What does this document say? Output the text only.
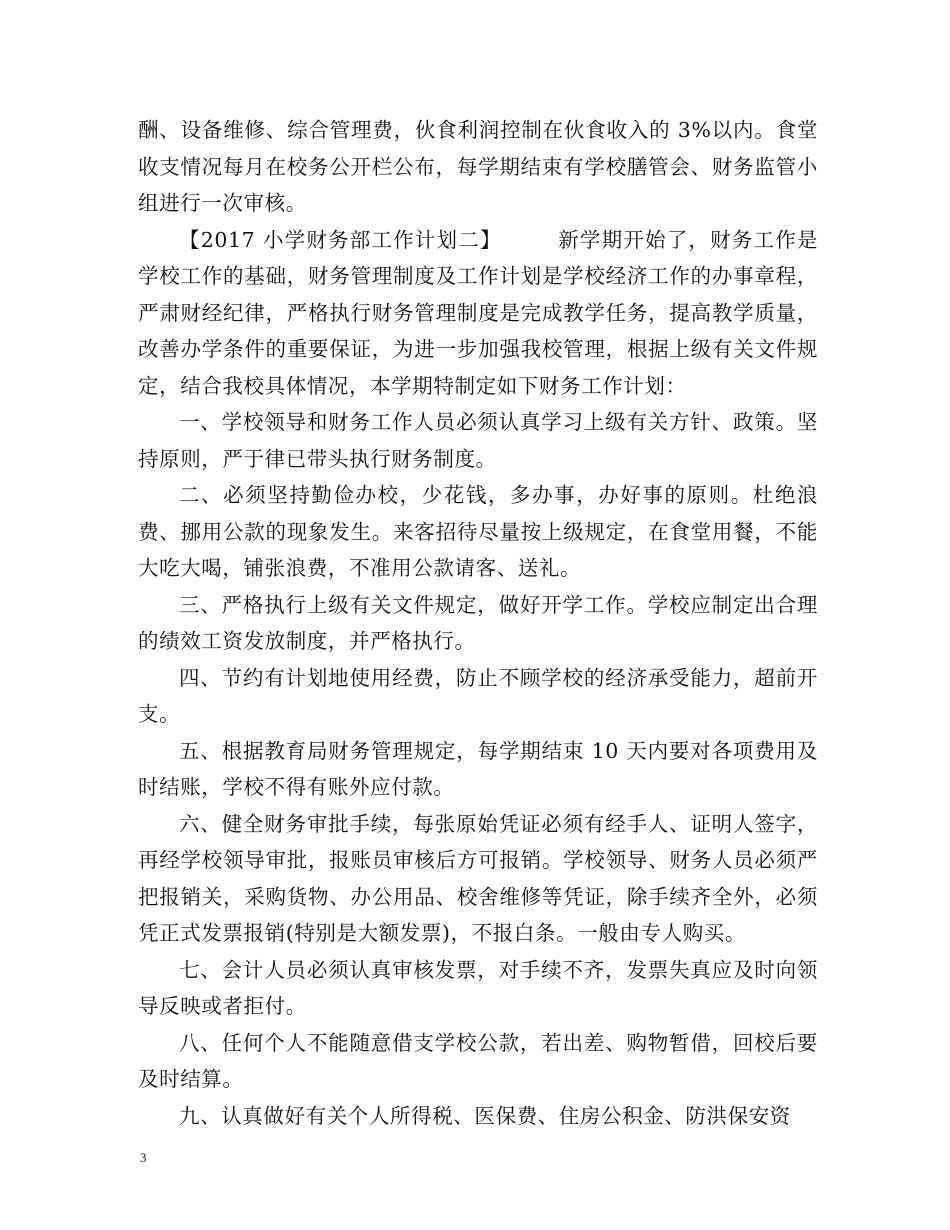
酬、设备维修、综合管理费，伙食利润控制在伙食收入的 3%以内。食堂收支情况每月在校务公开栏公布，每学期结束有学校膳管会、财务监管小组进行一次审核。

【2017 小学财务部工作计划二】	新学期开始了，财务工作是学校工作的基础，财务管理制度及工作计划是学校经济工作的办事章程，严肃财经纪律，严格执行财务管理制度是完成教学任务，提高教学质量，改善办学条件的重要保证，为进一步加强我校管理，根据上级有关文件规定，结合我校具体情况，本学期特制定如下财务工作计划：

一、学校领导和财务工作人员必须认真学习上级有关方针、政策。坚持原则，严于律已带头执行财务制度。

二、必须坚持勤俭办校，少花钱，多办事，办好事的原则。杜绝浪费、挪用公款的现象发生。来客招待尽量按上级规定，在食堂用餐，不能大吃大喝，铺张浪费，不准用公款请客、送礼。

三、严格执行上级有关文件规定，做好开学工作。学校应制定出合理的绩效工资发放制度，并严格执行。

四、节约有计划地使用经费，防止不顾学校的经济承受能力，超前开支。

五、根据教育局财务管理规定，每学期结束 10 天内要对各项费用及时结账，学校不得有账外应付款。

六、健全财务审批手续，每张原始凭证必须有经手人、证明人签字，再经学校领导审批，报账员审核后方可报销。学校领导、财务人员必须严把报销关，采购货物、办公用品、校舍维修等凭证，除手续齐全外，必须凭正式发票报销(特别是大额发票)，不报白条。一般由专人购买。

七、会计人员必须认真审核发票，对手续不齐，发票失真应及时向领导反映或者拒付。

八、任何个人不能随意借支学校公款，若出差、购物暂借，回校后要及时结算。

九、认真做好有关个人所得税、医保费、住房公积金、防洪保安资

3
